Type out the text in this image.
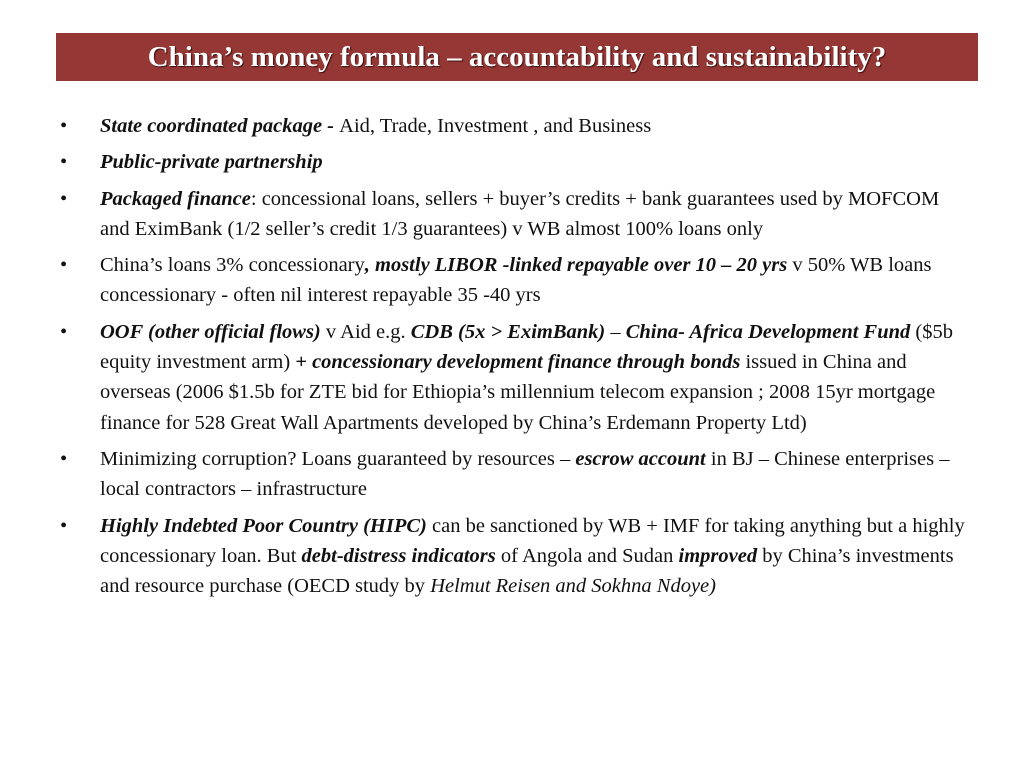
China’s money formula – accountability and sustainability?
•	State coordinated package - Aid, Trade, Investment , and Business
•	Public-private partnership
•	Packaged finance: concessional loans, sellers + buyer’s credits + bank guarantees used by MOFCOM and EximBank (1/2 seller’s credit 1/3 guarantees) v WB almost 100% loans only
•	China’s loans 3% concessionary, mostly LIBOR -linked repayable over 10 – 20 yrs v 50% WB loans concessionary - often nil interest repayable 35 -40 yrs
•	OOF (other official flows) v Aid e.g. CDB (5x > EximBank) – China- Africa Development Fund ($5b equity investment arm) + concessionary development finance through bonds issued in China and overseas (2006 $1.5b for ZTE bid for Ethiopia’s millennium telecom expansion ; 2008 15yr mortgage finance for 528 Great Wall Apartments developed by China’s Erdemann Property Ltd)
•	Minimizing corruption? Loans guaranteed by resources – escrow account in BJ – Chinese enterprises – local contractors – infrastructure
•	Highly Indebted Poor Country (HIPC) can be sanctioned by WB + IMF for taking anything but a highly concessionary loan. But debt-distress indicators of Angola and Sudan improved by China’s investments and resource purchase (OECD study by Helmut Reisen and Sokhna Ndoye)
